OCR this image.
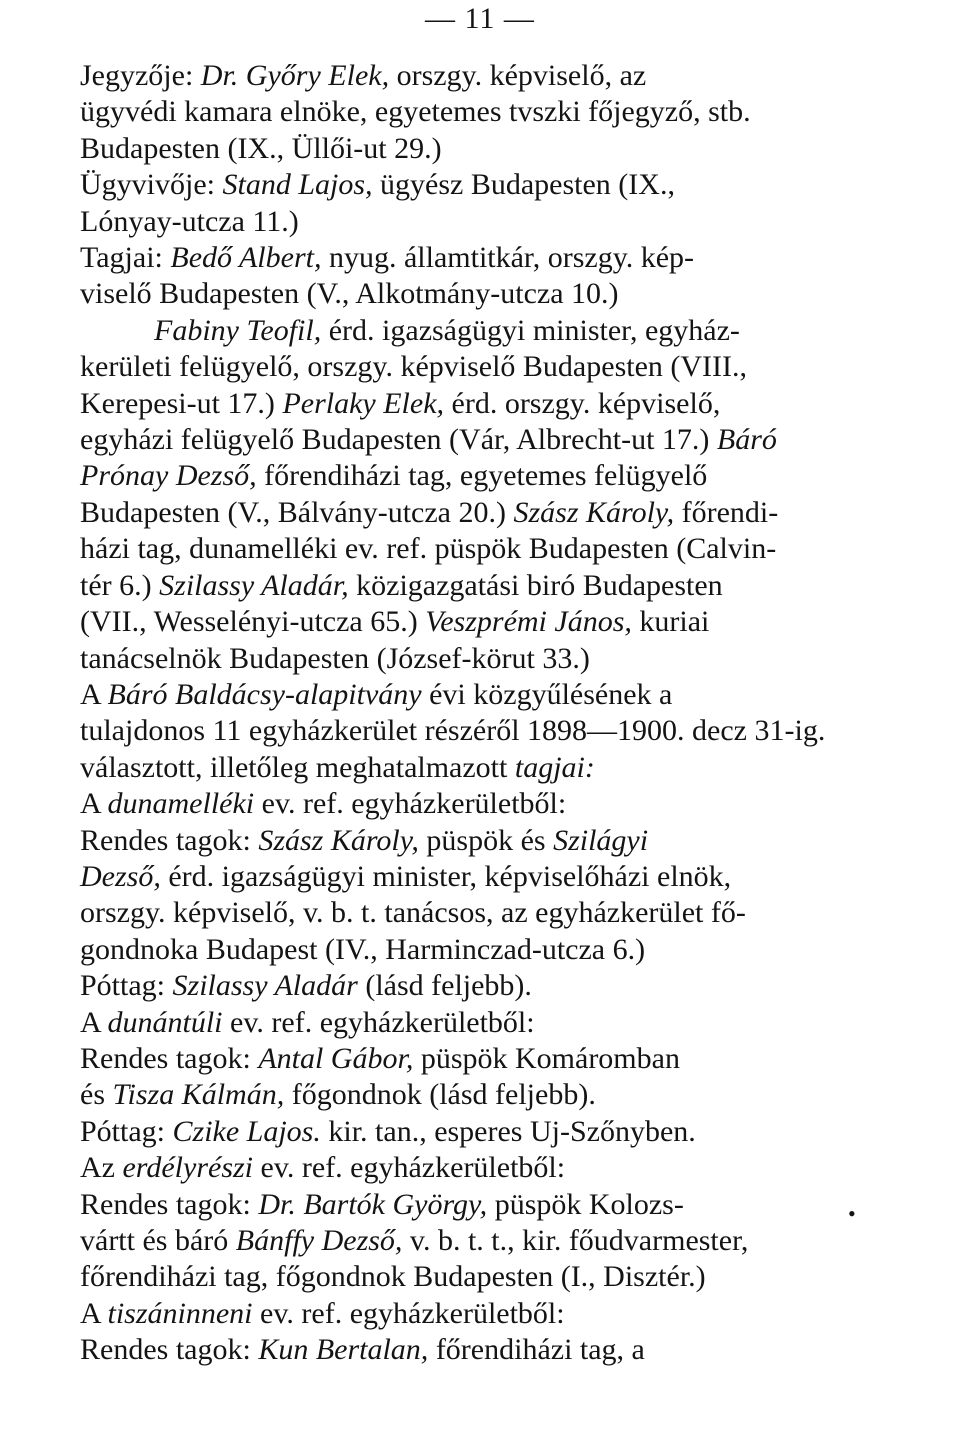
— 11 —

Jegyzője: Dr. Győry Elek, orszgy. képviselő, az
ügyvédi kamara elnöke, egyetemes tvszki főjegyző, stb.
Budapesten (IX., Üllői-ut 29.)

Ügyvivője: Stand Lajos, ügyész Budapesten (IX.,
Lónyay-utcza 11.)

Tagjai: Bedő Albert, nyug. államtitkár, orszgy. kép-
viselő Budapesten (V., Alkotmány-utcza 10.)
Fabiny Teofil, érd. igazságügyi minister, egyház-
kerületi felügyelő, orszgy. képviselő Budapesten (VIII.,
Kerepesi-ut 17.) Perlaky Elek, érd. orszgy. képviselő,
egyházi felügyelő Budapesten (Vár, Albrecht-ut 17.) Báró
Prónay Dezső, főrendiházi tag, egyetemes felügyelő
Budapesten (V., Bálvány-utcza 20.) Szász Károly, főrendi-
házi tag, dunamelléki ev. ref. püspök Budapesten (Calvin-
tér 6.) Szilassy Aladár, közigazgatási biró Budapesten
(VII., Wesselényi-utcza 65.) Veszprémi János, kuriai
tanácselnök Budapesten (József-körut 33.)

A Báró Baldácsy-alapitvány évi közgyűlésének a
tulajdonos 11 egyházkerület részéről 1898—1900. decz 31-ig.
választott, illetőleg meghatalmazott tagjai:

A dunamelléki ev. ref. egyházkerületből:

Rendes tagok: Szász Károly, püspök és Szilágyi
Dezső, érd. igazságügyi minister, képviselőházi elnök,
orszgy. képviselő, v. b. t. tanácsos, az egyházkerület fő-
gondnoka Budapest (IV., Harminczad-utcza 6.)

Póttag: Szilassy Aladár (lásd feljebb).

A dunántúli ev. ref. egyházkerületből:

Rendes tagok: Antal Gábor, püspök Komáromban
és Tisza Kálmán, főgondnok (lásd feljebb).

Póttag: Czike Lajos. kir. tan., esperes Uj-Szőnyben.

Az erdélyrészi ev. ref. egyházkerületből:

Rendes tagok: Dr. Bartók György, püspök Kolozs-
vártt és báró Bánffy Dezső, v. b. t. t., kir. főudvarmester,
főrendiházi tag, főgondnok Budapesten (I., Disztér.)

A tiszáninneni ev. ref. egyházkerületből:

Rendes tagok: Kun Bertalan, főrendiházi tag, a

•
